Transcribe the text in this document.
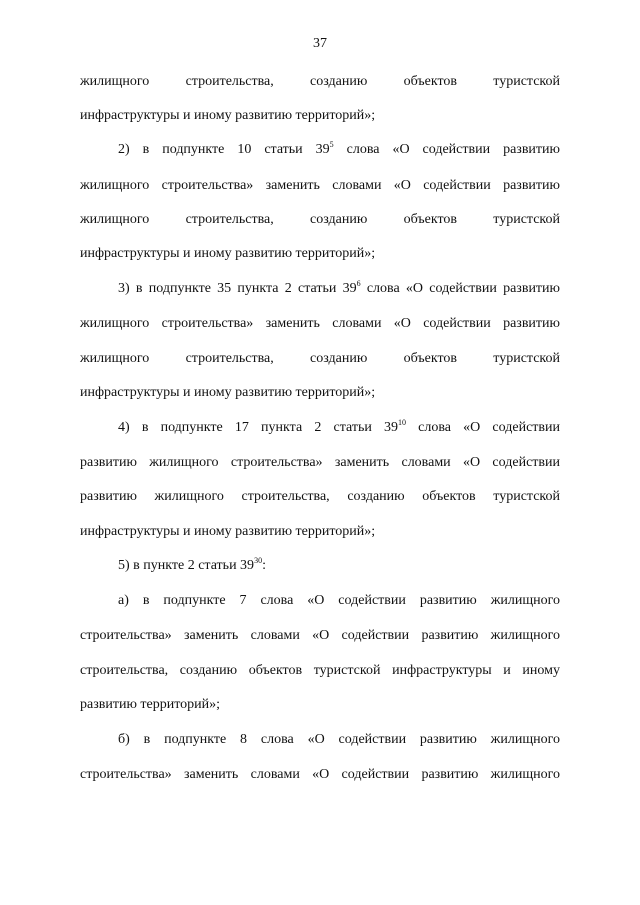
37
жилищного строительства, созданию объектов туристской
инфраструктуры и иному развитию территорий»;
2) в подпункте 10 статьи $39^5$ слова «О содействии развитию
жилищного строительства» заменить словами «О содействии развитию
жилищного строительства, созданию объектов туристской
инфраструктуры и иному развитию территорий»;
3) в подпункте 35 пункта 2 статьи $39^6$ слова «О содействии развитию
жилищного строительства» заменить словами «О содействии развитию
жилищного строительства, созданию объектов туристской
инфраструктуры и иному развитию территорий»;
4) в подпункте 17 пункта 2 статьи $39^{10}$ слова «О содействии
развитию жилищного строительства» заменить словами «О содействии
развитию жилищного строительства, созданию объектов туристской
инфраструктуры и иному развитию территорий»;
5) в пункте 2 статьи $39^{30}$:
а) в подпункте 7 слова «О содействии развитию жилищного
строительства» заменить словами «О содействии развитию жилищного
строительства, созданию объектов туристской инфраструктуры и иному
развитию территорий»;
б) в подпункте 8 слова «О содействии развитию жилищного
строительства» заменить словами «О содействии развитию жилищного
